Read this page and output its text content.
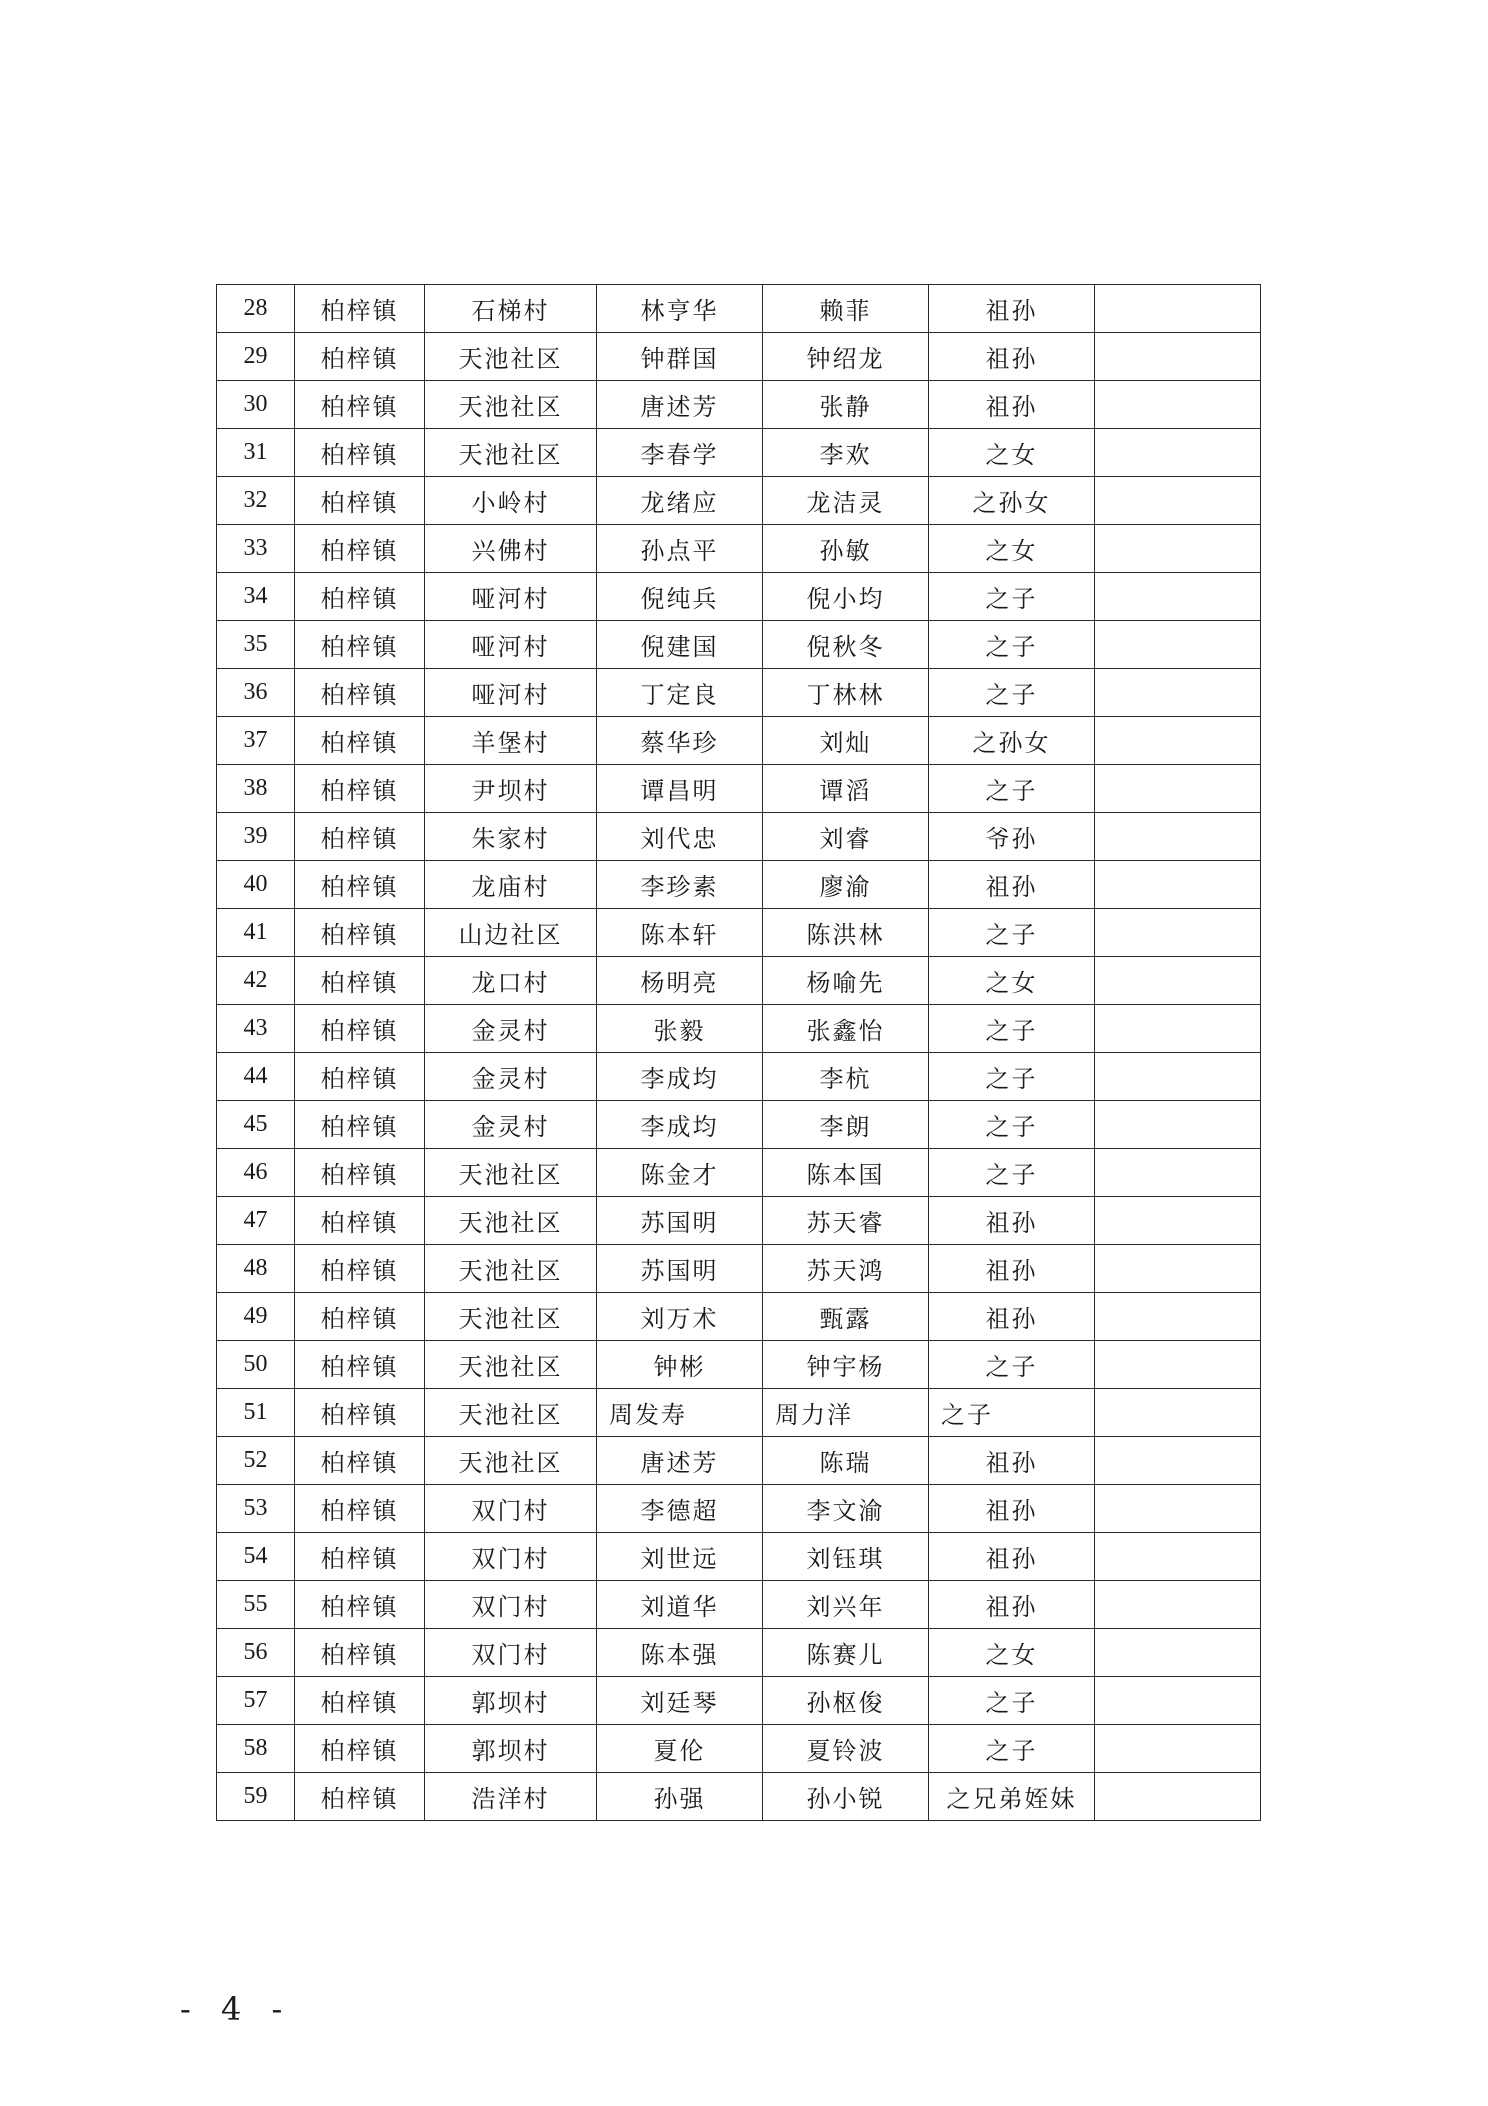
28	柏梓镇	石梯村	林亨华	赖菲	祖孙	
29	柏梓镇	天池社区	钟群国	钟绍龙	祖孙	
30	柏梓镇	天池社区	唐述芳	张静	祖孙	
31	柏梓镇	天池社区	李春学	李欢	之女	
32	柏梓镇	小岭村	龙绪应	龙洁灵	之孙女	
33	柏梓镇	兴佛村	孙点平	孙敏	之女	
34	柏梓镇	哑河村	倪纯兵	倪小均	之子	
35	柏梓镇	哑河村	倪建国	倪秋冬	之子	
36	柏梓镇	哑河村	丁定良	丁林林	之子	
37	柏梓镇	羊堡村	蔡华珍	刘灿	之孙女	
38	柏梓镇	尹坝村	谭昌明	谭滔	之子	
39	柏梓镇	朱家村	刘代忠	刘睿	爷孙	
40	柏梓镇	龙庙村	李珍素	廖渝	祖孙	
41	柏梓镇	山边社区	陈本轩	陈洪林	之子	
42	柏梓镇	龙口村	杨明亮	杨喻先	之女	
43	柏梓镇	金灵村	张毅	张鑫怡	之子	
44	柏梓镇	金灵村	李成均	李杭	之子	
45	柏梓镇	金灵村	李成均	李朗	之子	
46	柏梓镇	天池社区	陈金才	陈本国	之子	
47	柏梓镇	天池社区	苏国明	苏天睿	祖孙	
48	柏梓镇	天池社区	苏国明	苏天鸿	祖孙	
49	柏梓镇	天池社区	刘万术	甄露	祖孙	
50	柏梓镇	天池社区	钟彬	钟宇杨	之子	
51	柏梓镇	天池社区	周发寿	周力洋	之子	
52	柏梓镇	天池社区	唐述芳	陈瑞	祖孙	
53	柏梓镇	双门村	李德超	李文渝	祖孙	
54	柏梓镇	双门村	刘世远	刘钰琪	祖孙	
55	柏梓镇	双门村	刘道华	刘兴年	祖孙	
56	柏梓镇	双门村	陈本强	陈赛儿	之女	
57	柏梓镇	郭坝村	刘廷琴	孙枢俊	之子	
58	柏梓镇	郭坝村	夏伦	夏铃波	之子	
59	柏梓镇	浩洋村	孙强	孙小锐	之兄弟姪妹	
- 4 -
